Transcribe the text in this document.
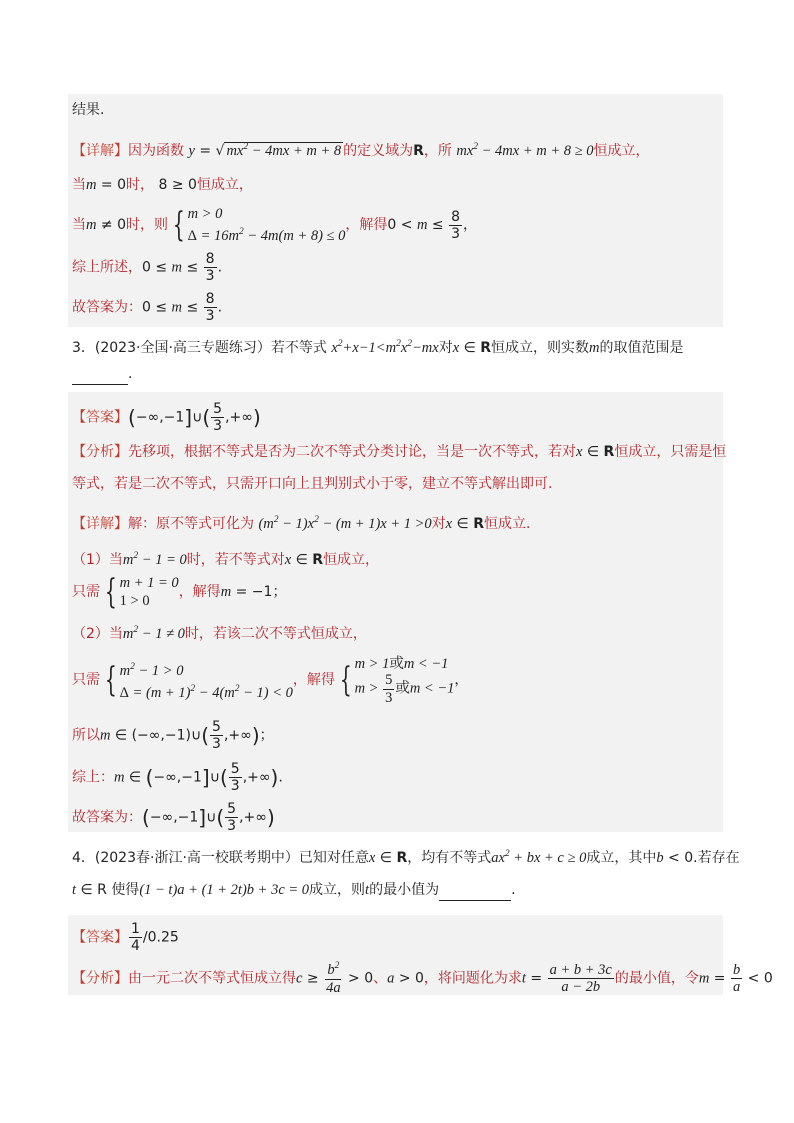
结果.
【详解】因为函数 y = √ $mx^2 - 4mx + m + 8$ 的定义域为R，所 $mx^2 - 4mx + m + 8 \ge 0$恒成立，
当m = 0时， 8 ≥ 0恒成立，
当m ≠ 0时，则 { m > 0
$\Delta = 16m^2 - 4m(m + 8) \le 0$
，解得$0 < m \le \frac{8}{3}$ ，
综上所述，$0 \le m \le \frac{8}{3}$ .
故答案为：$0 \le m \le \frac{8}{3}$ .
3．(2023·全国·高三专题练习）若不等式 $x^2+x-1<m^2x^2-mx$对x ∈ R恒成立，则实数m的取值范围是
.
【答案】(−∞,−1]∪( $\frac{5}{3}$ ,+∞)
【分析】先移项，根据不等式是否为二次不等式分类讨论，当是一次不等式，若对x ∈ R恒成立，只需是恒
等式，若是二次不等式，只需开口向上且判别式小于零，建立不等式解出即可.
【详解】解：原不等式可化为 $(m^2 - 1)x^2 - (m + 1)x + 1 >0$对x ∈ R恒成立.
（1）当$m^2 - 1 = 0$时，若不等式对x ∈ R恒成立，
只需 { m + 1 = 0
1 > 0
，解得m = −1；
（2）当$m^2 - 1 \ne 0$时，若该二次不等式恒成立，
只需 { $m^2 - 1 > 0$
$\Delta = (m + 1)^2 - 4(m^2 - 1) < 0$
，解得 { m > 1或m < −1
$m > \frac{5}{3}$ 或m < −1
，
所以m ∈ (−∞,−1)∪( $\frac{5}{3}$ ,+∞)；
综上：m ∈ (−∞,−1]∪( $\frac{5}{3}$ ,+∞).
故答案为：(−∞,−1]∪( $\frac{5}{3}$ ,+∞)
4．(2023春·浙江·高一校联考期中）已知对任意x ∈ R，均有不等式$ax^2$ + bx + c ≥ 0成立，其中b < 0.若存在
t ∈ R 使得(1 − t)a + (1 + 2t)b + 3c = 0成立，则t的最小值为	.
【答案】 $\frac{1}{4} /0.25$
【分析】由一元二次不等式恒成立得$c \ge \frac{b^2}{4a} > 0$、a > 0，将问题化为求$t = \frac{a + b + 3c}{a - 2b}$ 的最小值，令$m = \frac{b}{a} < 0$
